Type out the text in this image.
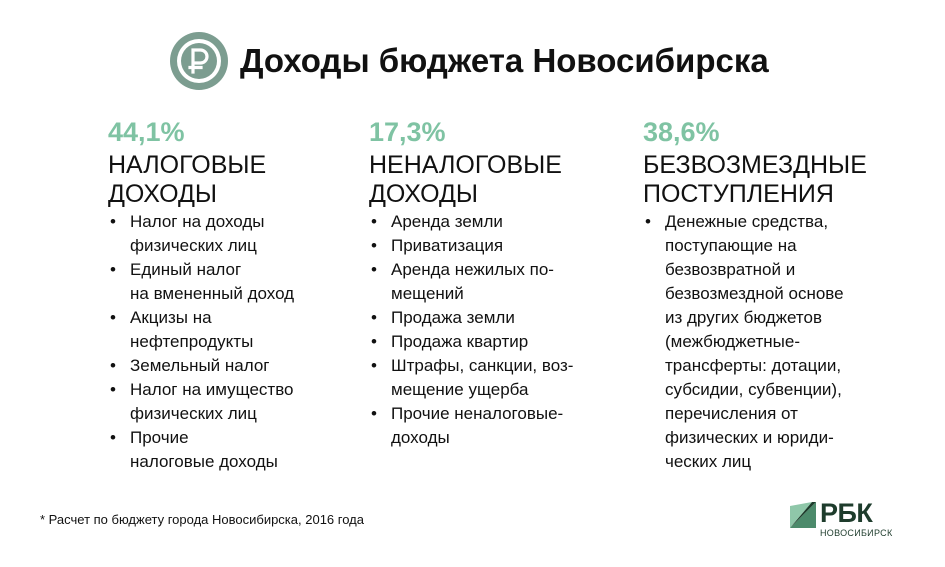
Доходы бюджета Новосибирска
44,1%
НАЛОГОВЫЕ
ДОХОДЫ
• Налог на доходы
физических лиц
• Единый налог
на вмененный доход
• Акцизы на
нефтепродукты
• Земельный налог
• Налог на имущество
физических лиц
• Прочие
налоговые доходы
17,3%
НЕНАЛОГОВЫЕ
ДОХОДЫ
• Аренда земли
• Приватизация
• Аренда нежилых по-
мещений
• Продажа земли
• Продажа квартир
• Штрафы, санкции, воз-
мещение ущерба
• Прочие неналоговые-
доходы
38,6%
БЕЗВОЗМЕЗДНЫЕ
ПОСТУПЛЕНИЯ
• Денежные средства,
поступающие на
безвозвратной и
безвозмездной основе
из других бюджетов
(межбюджетные-
трансферты: дотации,
субсидии, субвенции),
перечисления от
физических и юриди-
ческих лиц
* Расчет по бюджету города Новосибирска, 2016 года	РБК
НОВОСИБИРСК
